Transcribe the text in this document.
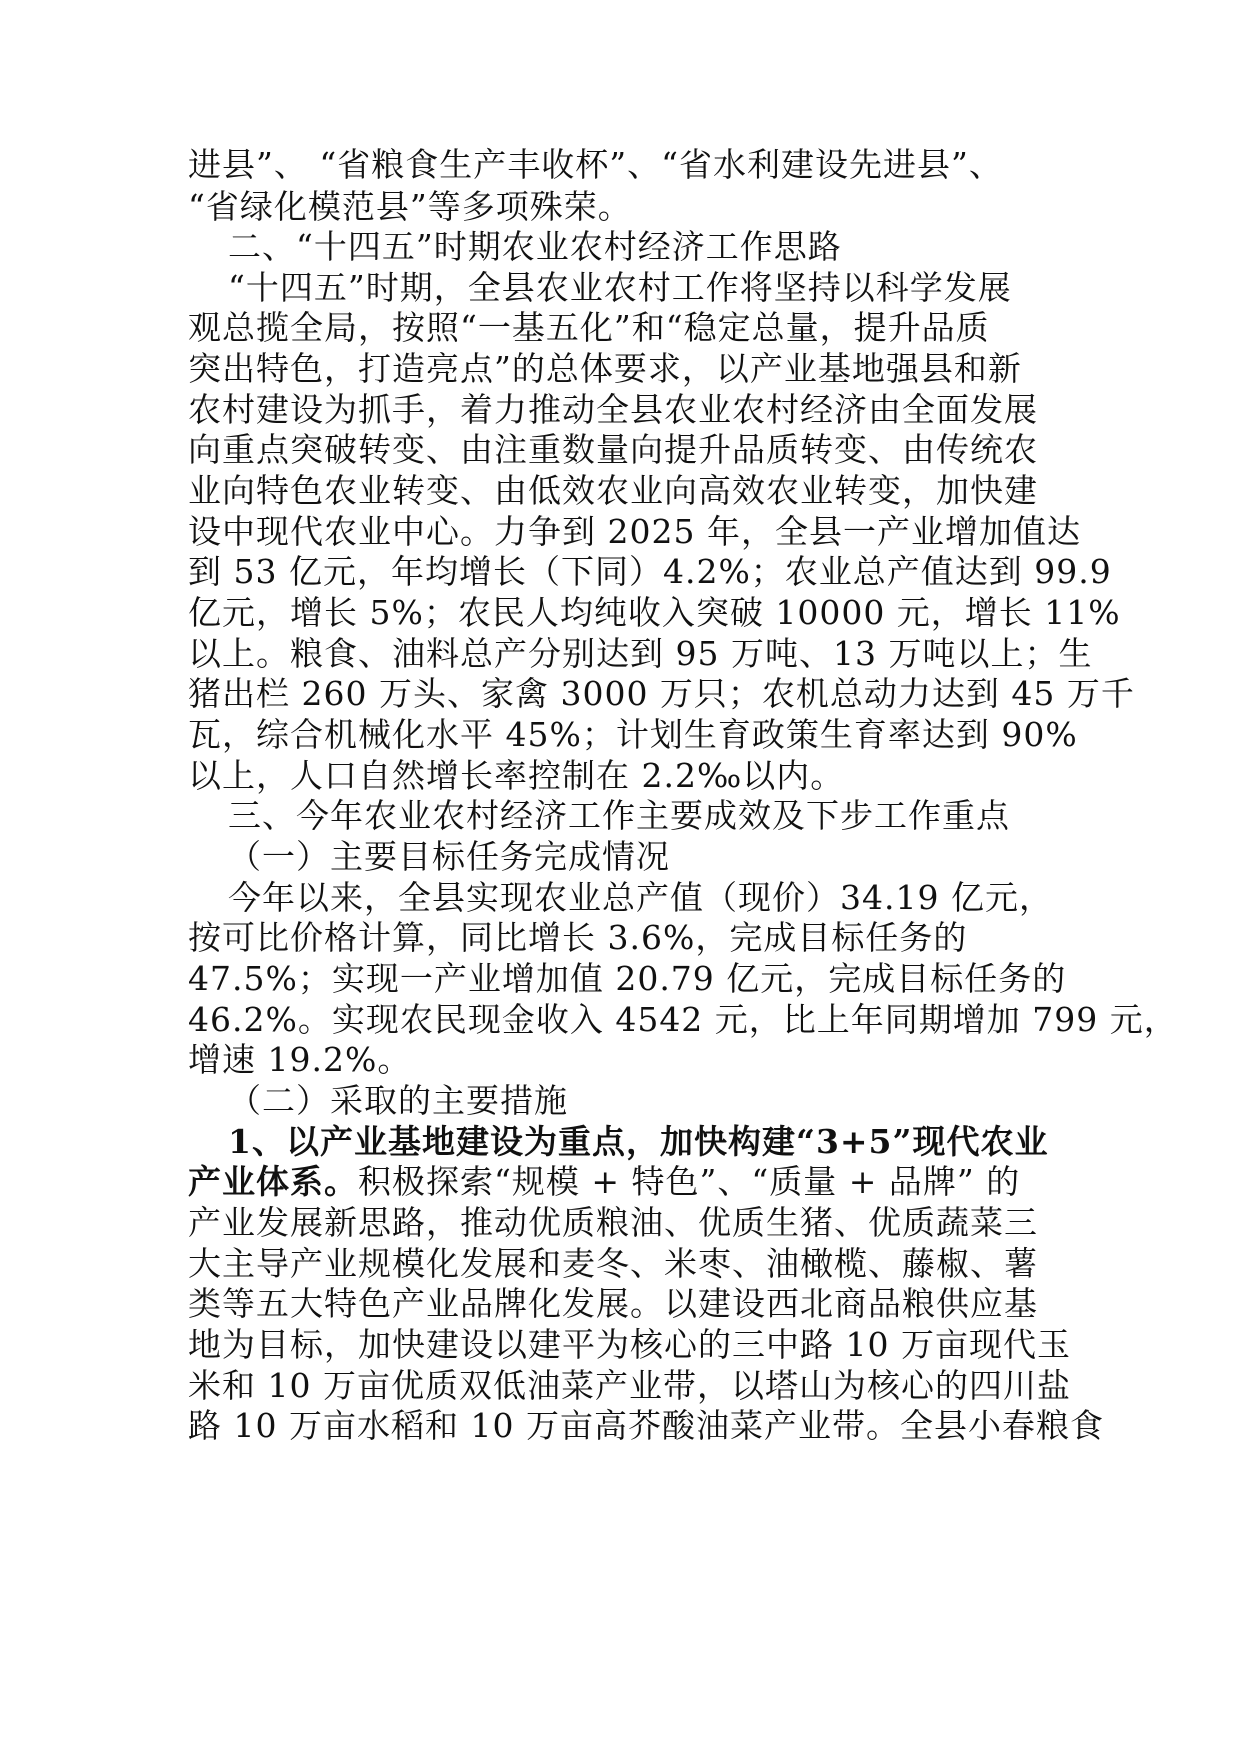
进县”、 “省粮食生产丰收杯”、“省水利建设先进县”、
“省绿化模范县”等多项殊荣。
二、“十四五”时期农业农村经济工作思路
“十四五”时期，全县农业农村工作将坚持以科学发展
观总揽全局，按照“一基五化”和“稳定总量，提升品质
突出特色，打造亮点”的总体要求，以产业基地强县和新
农村建设为抓手，着力推动全县农业农村经济由全面发展
向重点突破转变、由注重数量向提升品质转变、由传统农
业向特色农业转变、由低效农业向高效农业转变，加快建
设中现代农业中心。力争到 2025 年，全县一产业增加值达
到 53 亿元，年均增长（下同）4.2%；农业总产值达到 99.9
亿元，增长 5%；农民人均纯收入突破 10000 元，增长 11%
以上。粮食、油料总产分别达到 95 万吨、13 万吨以上；生
猪出栏 260 万头、家禽 3000 万只；农机总动力达到 45 万千
瓦，综合机械化水平 45%；计划生育政策生育率达到 90%
以上，人口自然增长率控制在 2.2‰以内。
三、今年农业农村经济工作主要成效及下步工作重点
（一）主要目标任务完成情况
今年以来，全县实现农业总产值（现价）34.19 亿元，
按可比价格计算，同比增长 3.6%，完成目标任务的
47.5%；实现一产业增加值 20.79 亿元，完成目标任务的
46.2%。实现农民现金收入 4542 元，比上年同期增加 799 元，
增速 19.2%。
（二）采取的主要措施
1、以产业基地建设为重点，加快构建“3+5”现代农业
产业体系。积极探索“规模 + 特色”、“质量 + 品牌” 的
产业发展新思路，推动优质粮油、优质生猪、优质蔬菜三
大主导产业规模化发展和麦冬、米枣、油橄榄、藤椒、薯
类等五大特色产业品牌化发展。以建设西北商品粮供应基
地为目标，加快建设以建平为核心的三中路 10 万亩现代玉
米和 10 万亩优质双低油菜产业带，以塔山为核心的四川盐
路 10 万亩水稻和 10 万亩高芥酸油菜产业带。全县小春粮食
